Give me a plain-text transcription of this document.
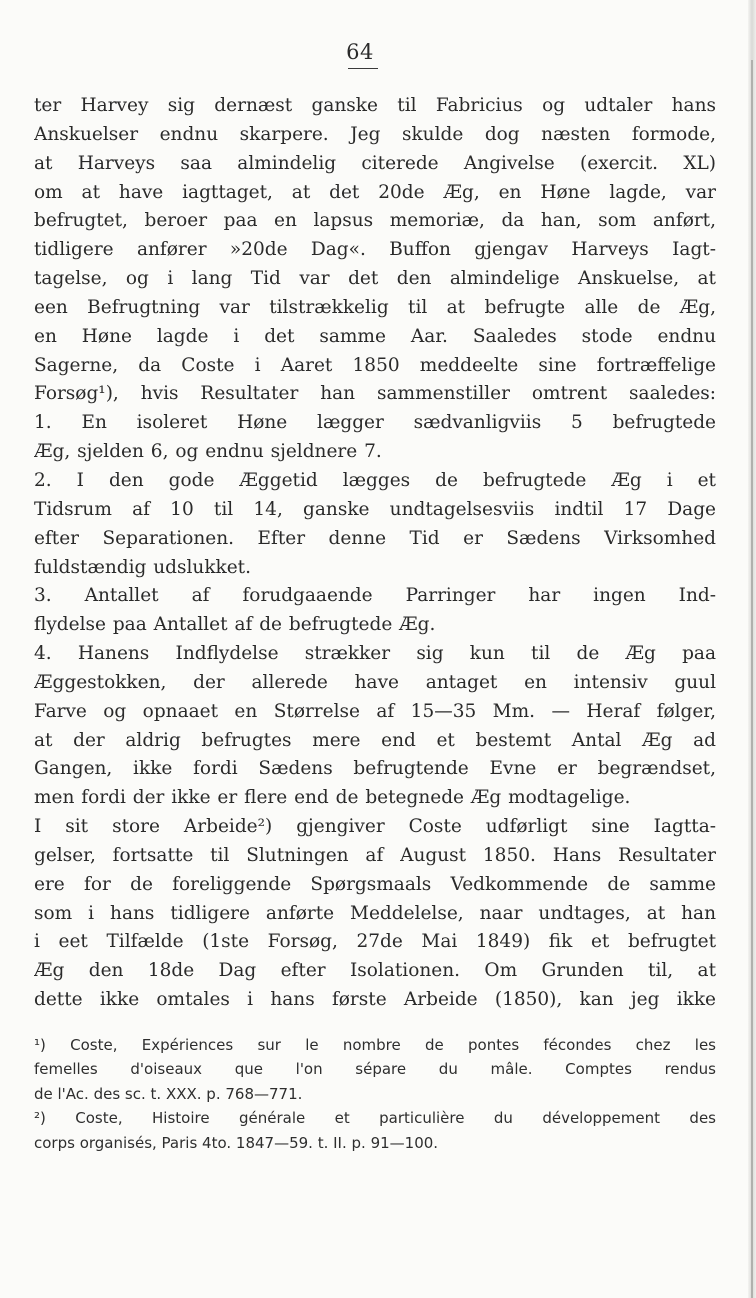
64
ter Harvey sig dernæst ganske til Fabricius og udtaler hans
Anskuelser endnu skarpere. Jeg skulde dog næsten formode,
at Harveys saa almindelig citerede Angivelse (exercit. XL)
om at have iagttaget, at det 20de Æg, en Høne lagde, var
befrugtet, beroer paa en lapsus memoriæ, da han, som anført,
tidligere anfører »20de Dag«. Buffon gjengav Harveys Iagt-
tagelse, og i lang Tid var det den almindelige Anskuelse, at
een Befrugtning var tilstrækkelig til at befrugte alle de Æg,
en Høne lagde i det samme Aar. Saaledes stode endnu
Sagerne, da Coste i Aaret 1850 meddeelte sine fortræffelige
Forsøg¹), hvis Resultater han sammenstiller omtrent saaledes:
1. En isoleret Høne lægger sædvanligviis 5 befrugtede
Æg, sjelden 6, og endnu sjeldnere 7.
2. I den gode Æggetid lægges de befrugtede Æg i et
Tidsrum af 10 til 14, ganske undtagelsesviis indtil 17 Dage
efter Separationen. Efter denne Tid er Sædens Virksomhed
fuldstændig udslukket.
3. Antallet af forudgaaende Parringer har ingen Ind-
flydelse paa Antallet af de befrugtede Æg.
4. Hanens Indflydelse strækker sig kun til de Æg paa
Æggestokken, der allerede have antaget en intensiv guul
Farve og opnaaet en Størrelse af 15—35 Mm. — Heraf følger,
at der aldrig befrugtes mere end et bestemt Antal Æg ad
Gangen, ikke fordi Sædens befrugtende Evne er begrændset,
men fordi der ikke er flere end de betegnede Æg modtagelige.
I sit store Arbeide²) gjengiver Coste udførligt sine Iagtta-
gelser, fortsatte til Slutningen af August 1850. Hans Resultater
ere for de foreliggende Spørgsmaals Vedkommende de samme
som i hans tidligere anførte Meddelelse, naar undtages, at han
i eet Tilfælde (1ste Forsøg, 27de Mai 1849) fik et befrugtet
Æg den 18de Dag efter Isolationen. Om Grunden til, at
dette ikke omtales i hans første Arbeide (1850), kan jeg ikke
¹) Coste, Expériences sur le nombre de pontes fécondes chez les
femelles d'oiseaux que l'on sépare du mâle. Comptes rendus
de l'Ac. des sc. t. XXX. p. 768—771.
²) Coste, Histoire générale et particulière du développement des
corps organisés, Paris 4to. 1847—59. t. II. p. 91—100.
